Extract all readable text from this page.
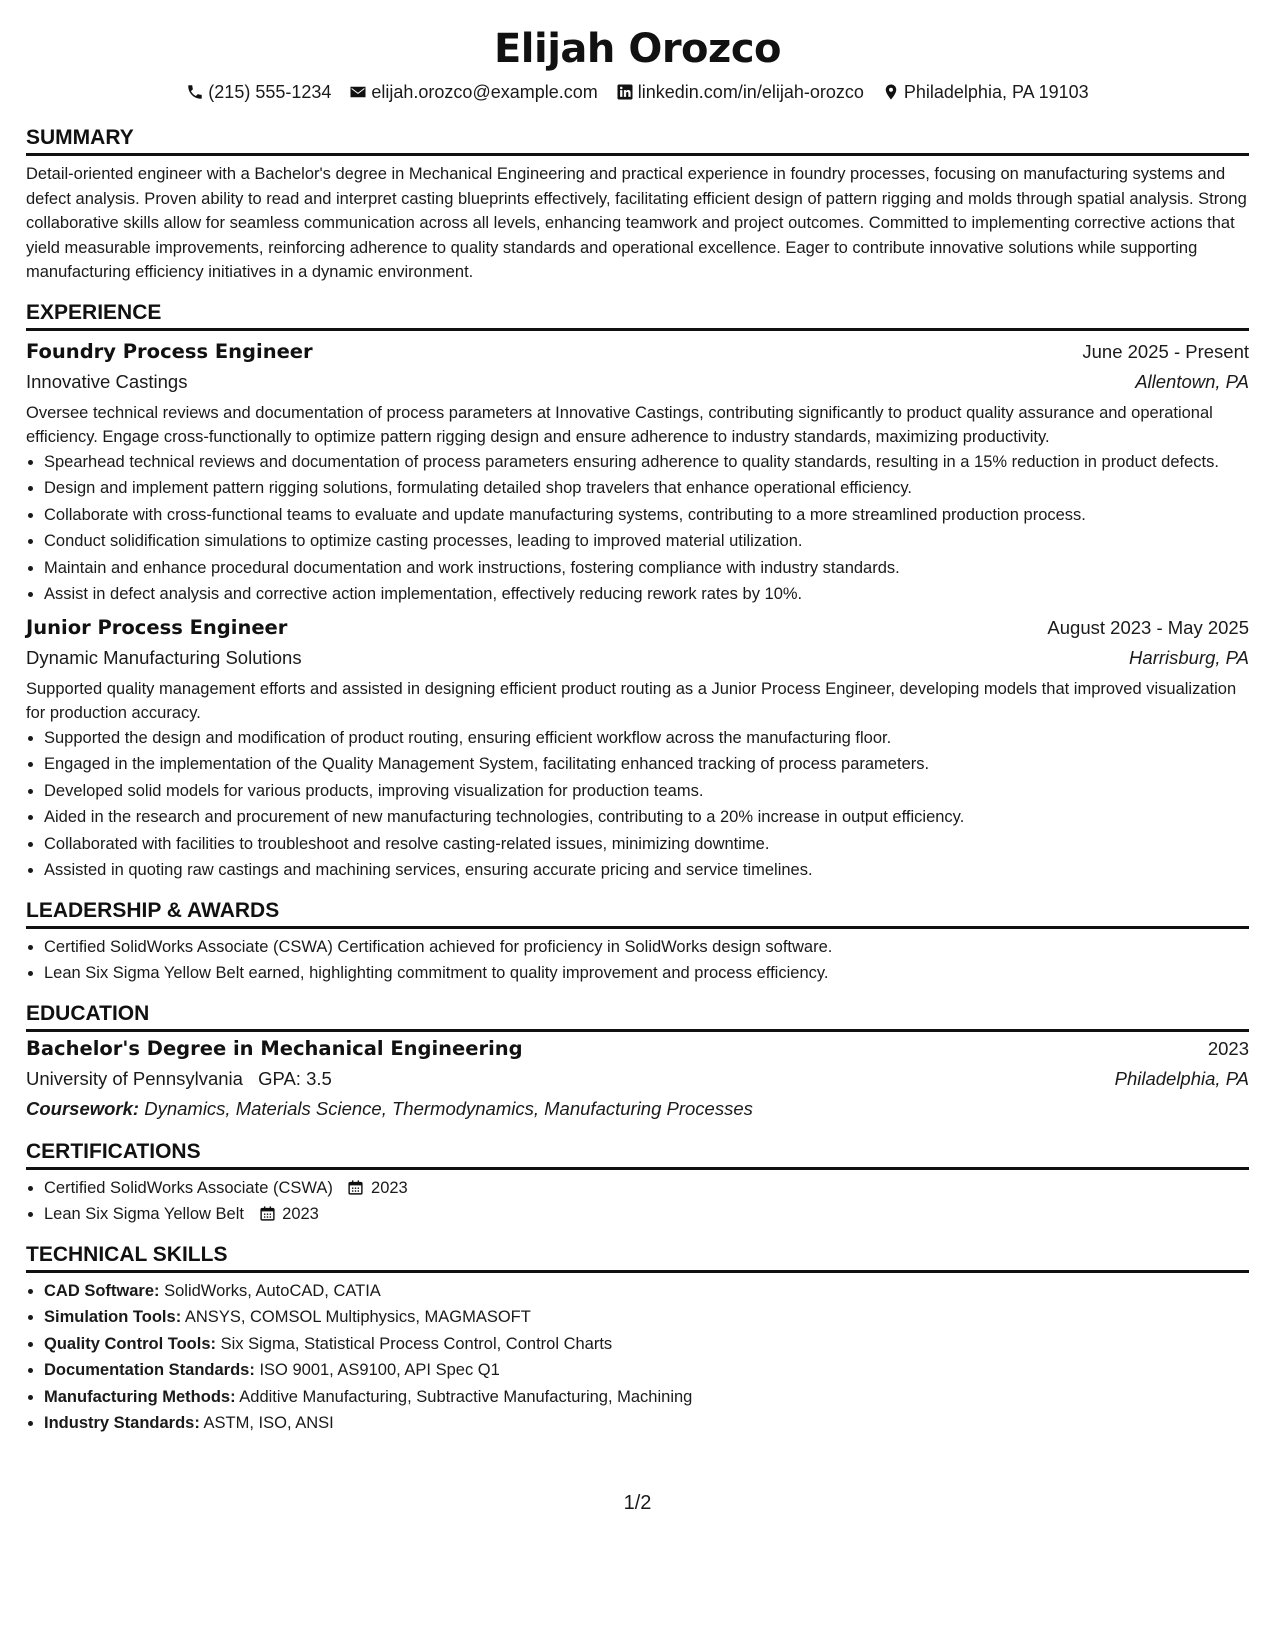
Elijah Orozco
(215) 555-1234 elijah.orozco@example.com linkedin.com/in/elijah-orozco Philadelphia, PA 19103
SUMMARY

Detail-oriented engineer with a Bachelor's degree in Mechanical Engineering and practical experience in foundry processes, focusing on manufacturing systems and defect analysis. Proven ability to read and interpret casting blueprints effectively, facilitating efficient design of pattern rigging and molds through spatial analysis. Strong collaborative skills allow for seamless communication across all levels, enhancing teamwork and project outcomes. Committed to implementing corrective actions that yield measurable improvements, reinforcing adherence to quality standards and operational excellence. Eager to contribute innovative solutions while supporting manufacturing efficiency initiatives in a dynamic environment.

EXPERIENCE
Foundry Process Engineer	June 2025 - Present
Innovative Castings	Allentown, PA
Oversee technical reviews and documentation of process parameters at Innovative Castings, contributing significantly to product quality assurance and operational efficiency. Engage cross-functionally to optimize pattern rigging design and ensure adherence to industry standards, maximizing productivity.
• Spearhead technical reviews and documentation of process parameters ensuring adherence to quality standards, resulting in a 15% reduction in product defects.
• Design and implement pattern rigging solutions, formulating detailed shop travelers that enhance operational efficiency.
• Collaborate with cross-functional teams to evaluate and update manufacturing systems, contributing to a more streamlined production process.
• Conduct solidification simulations to optimize casting processes, leading to improved material utilization.
• Maintain and enhance procedural documentation and work instructions, fostering compliance with industry standards.
• Assist in defect analysis and corrective action implementation, effectively reducing rework rates by 10%.
Junior Process Engineer	August 2023 - May 2025
Dynamic Manufacturing Solutions	Harrisburg, PA
Supported quality management efforts and assisted in designing efficient product routing as a Junior Process Engineer, developing models that improved visualization for production accuracy.
• Supported the design and modification of product routing, ensuring efficient workflow across the manufacturing floor.
• Engaged in the implementation of the Quality Management System, facilitating enhanced tracking of process parameters.
• Developed solid models for various products, improving visualization for production teams.
• Aided in the research and procurement of new manufacturing technologies, contributing to a 20% increase in output efficiency.
• Collaborated with facilities to troubleshoot and resolve casting-related issues, minimizing downtime.
• Assisted in quoting raw castings and machining services, ensuring accurate pricing and service timelines.
LEADERSHIP & AWARDS
• Certified SolidWorks Associate (CSWA) Certification achieved for proficiency in SolidWorks design software.
• Lean Six Sigma Yellow Belt earned, highlighting commitment to quality improvement and process efficiency.
EDUCATION
Bachelor's Degree in Mechanical Engineering	2023
University of Pennsylvania GPA: 3.5	Philadelphia, PA
Coursework: Dynamics, Materials Science, Thermodynamics, Manufacturing Processes
CERTIFICATIONS
• Certified SolidWorks Associate (CSWA) 2023
• Lean Six Sigma Yellow Belt 2023
TECHNICAL SKILLS
• CAD Software: SolidWorks, AutoCAD, CATIA
• Simulation Tools: ANSYS, COMSOL Multiphysics, MAGMASOFT
• Quality Control Tools: Six Sigma, Statistical Process Control, Control Charts
• Documentation Standards: ISO 9001, AS9100, API Spec Q1
• Manufacturing Methods: Additive Manufacturing, Subtractive Manufacturing, Machining
• Industry Standards: ASTM, ISO, ANSI
1/2
